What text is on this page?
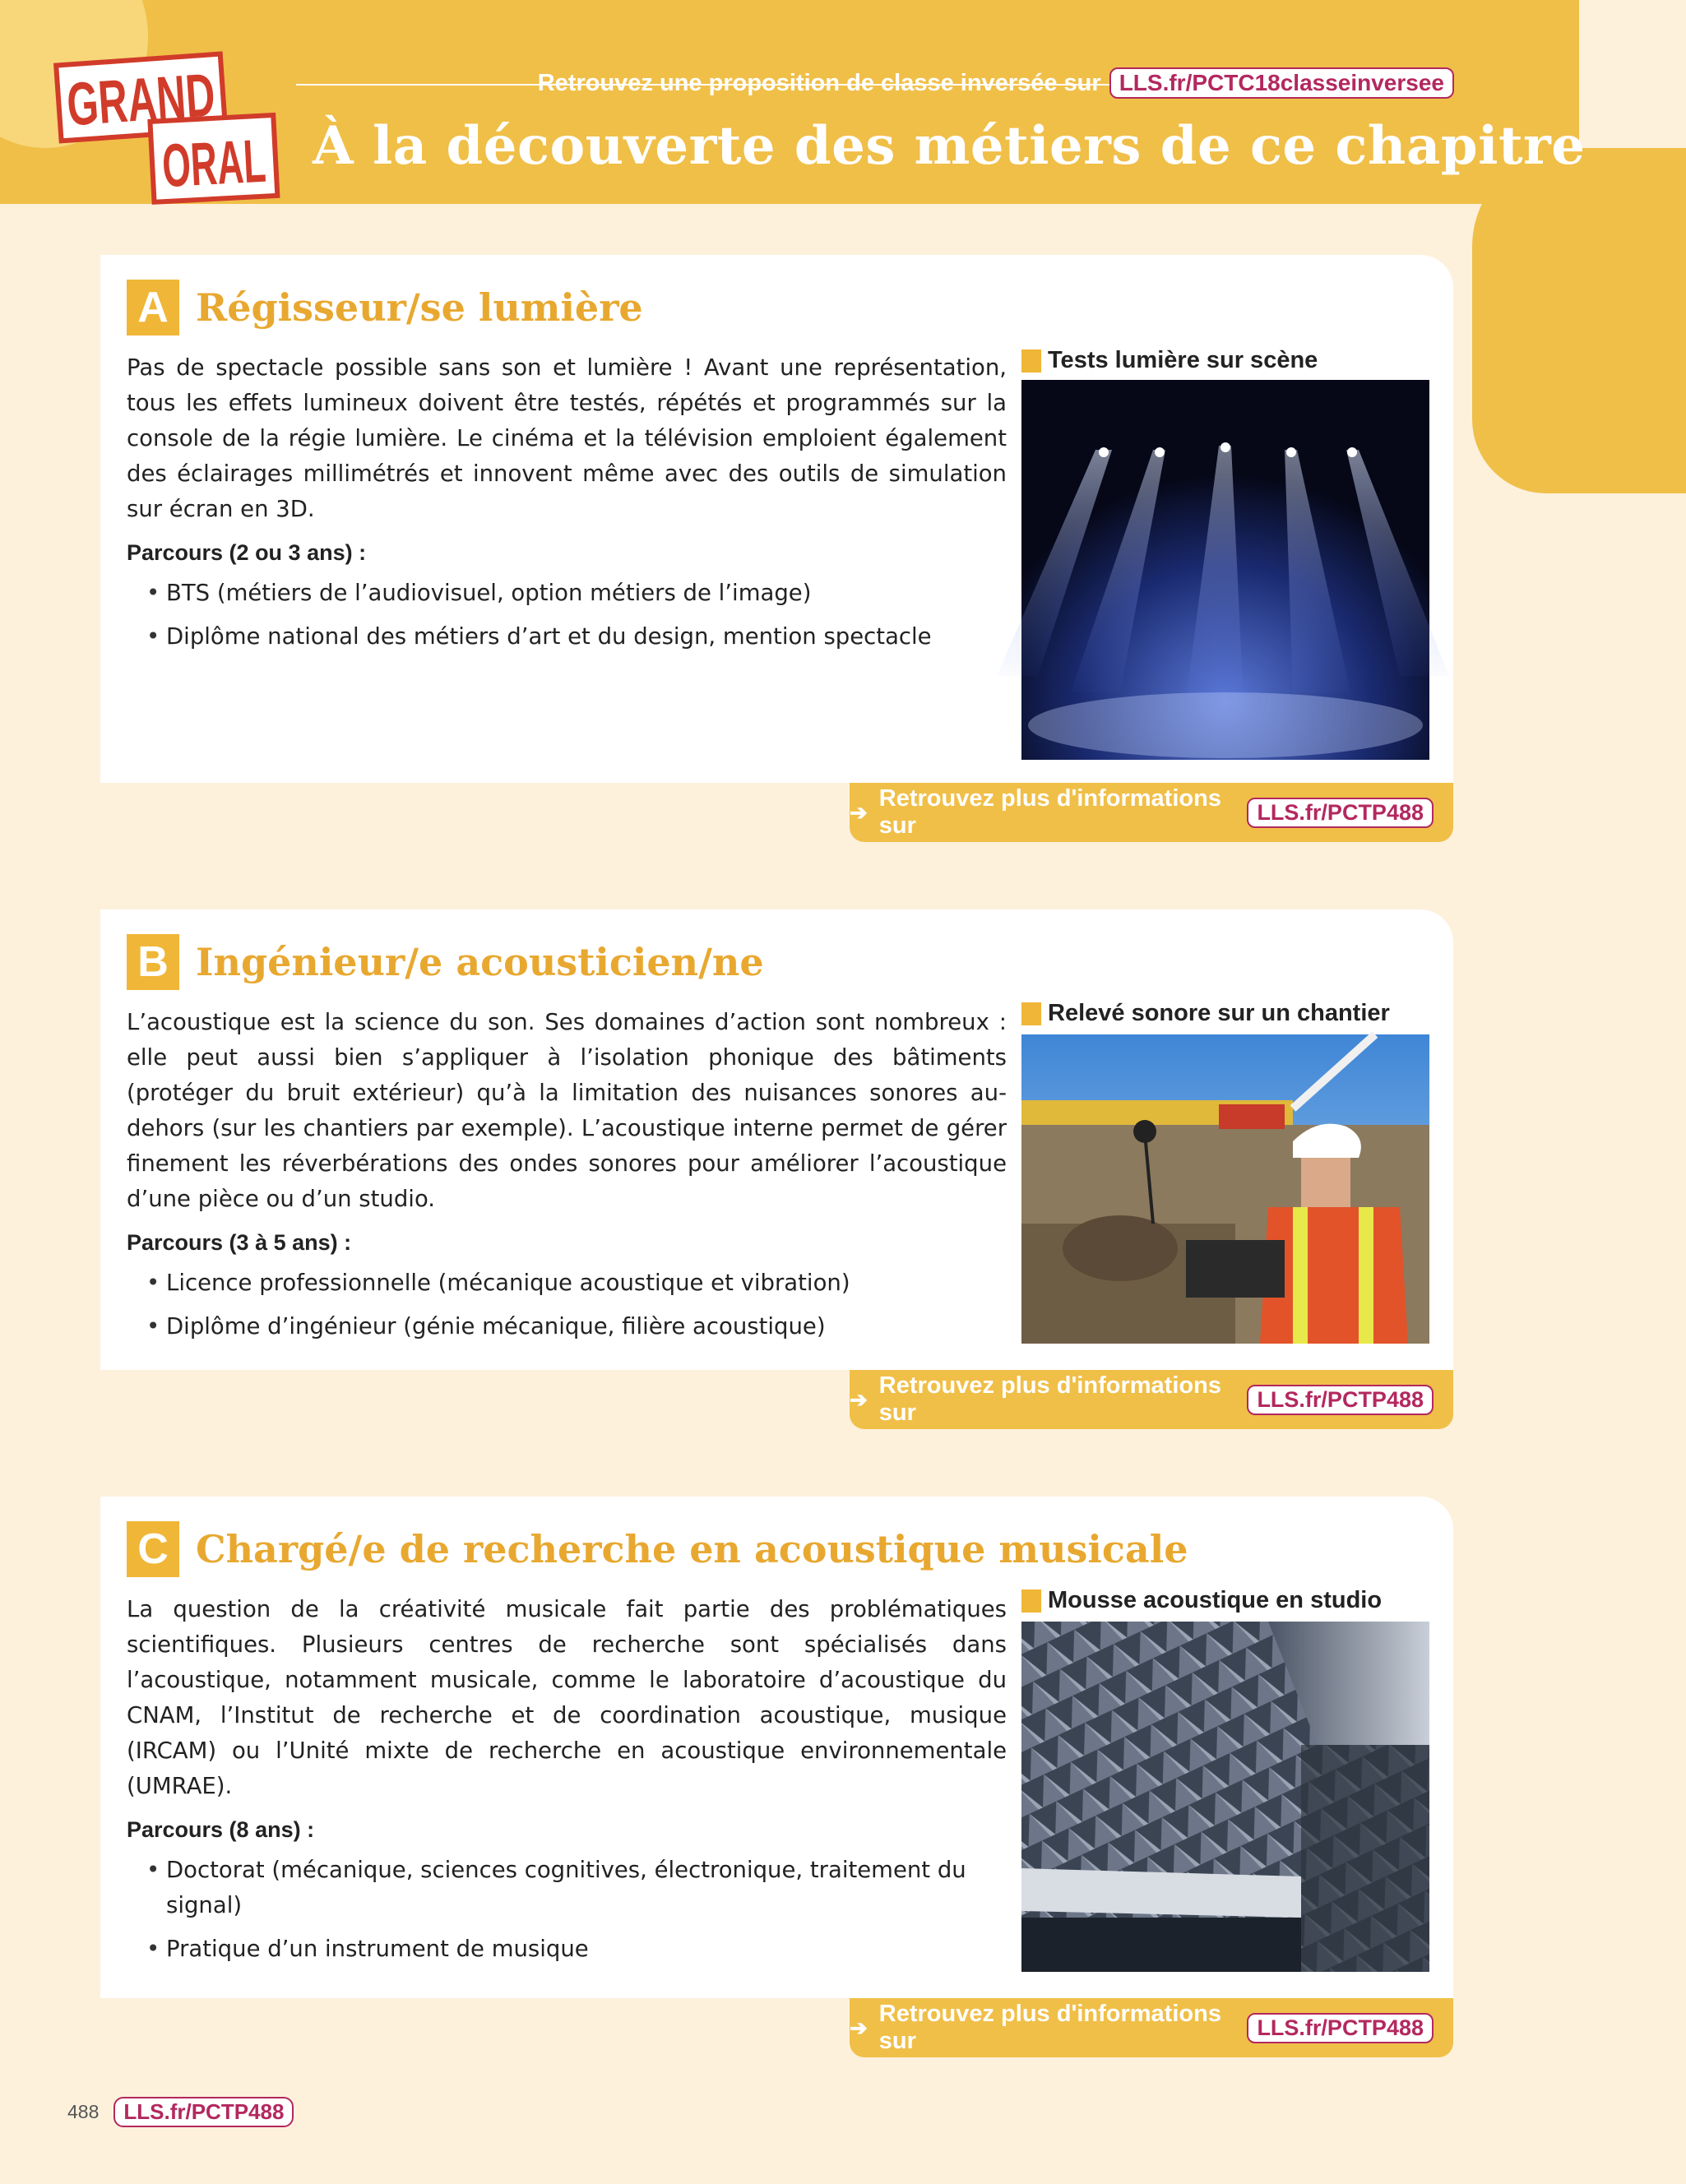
GRAND
ORAL
Retrouvez une proposition de classe inversée sur LLS.fr/PCTC18classeinversee
À la découverte des métiers de ce chapitre
A Régisseur/se lumière

Pas de spectacle possible sans son et lumière ! Avant une représentation, tous les effets lumineux doivent être testés, répétés et programmés sur la console de la régie lumière. Le cinéma et la télévision emploient également des éclairages millimétrés et innovent même avec des outils de simulation sur écran en 3D.

Parcours (2 ou 3 ans) :
• BTS (métiers de l’audiovisuel, option métiers de l’image)
• Diplôme national des métiers d’art et du design, mention spectacle
Tests lumière sur scène
➔
Retrouvez plus d'informations sur
LLS.fr/PCTP488
B Ingénieur/e acousticien/ne

L’acoustique est la science du son. Ses domaines d’action sont nombreux : elle peut aussi bien s’appliquer à l’isolation phonique des bâtiments (protéger du bruit extérieur) qu’à la limitation des nuisances sonores au-dehors (sur les chantiers par exemple). L’acoustique interne permet de gérer finement les réverbérations des ondes sonores pour améliorer l’acoustique d’une pièce ou d’un studio.

Parcours (3 à 5 ans) :
• Licence professionnelle (mécanique acoustique et vibration)
• Diplôme d’ingénieur (génie mécanique, filière acoustique)
Relevé sonore sur un chantier
➔
Retrouvez plus d'informations sur
LLS.fr/PCTP488
C Chargé/e de recherche en acoustique musicale

La question de la créativité musicale fait partie des problématiques scientifiques. Plusieurs centres de recherche sont spécialisés dans l’acoustique, notamment musicale, comme le laboratoire d’acoustique du CNAM, l’Institut de recherche et de coordination acoustique, musique (IRCAM) ou l’Unité mixte de recherche en acoustique environnementale (UMRAE).

Parcours (8 ans) :
• Doctorat (mécanique, sciences cognitives, électronique, traitement du signal)
• Pratique d’un instrument de musique
Mousse acoustique en studio
➔
Retrouvez plus d'informations sur
LLS.fr/PCTP488
488	LLS.fr/PCTP488
